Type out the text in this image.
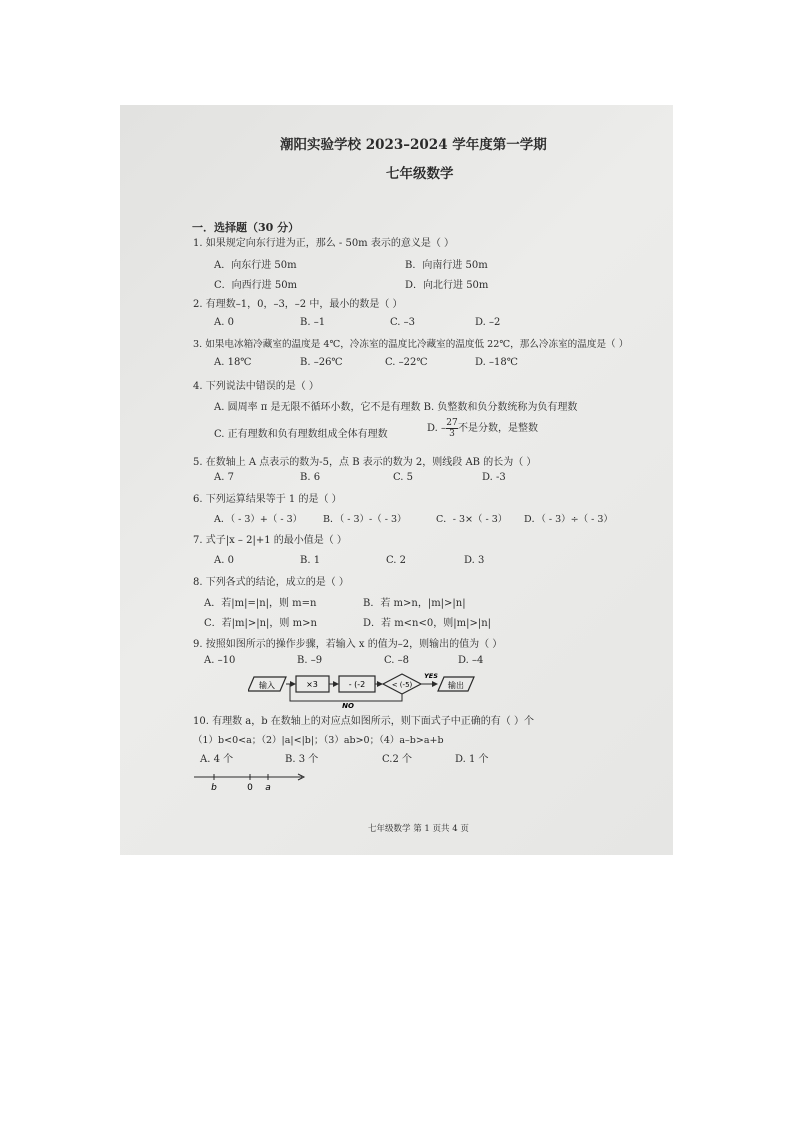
潮阳实验学校 2023–2024 学年度第一学期
七年级数学
一．选择题（30 分）
1. 如果规定向东行进为正，那么 - 50m 表示的意义是（ ）
A．向东行进 50m	B．向南行进 50m
C．向西行进 50m	D．向北行进 50m
2. 有理数–1，0，–3，–2 中，最小的数是（ ）
A. 0	B. –1	C. –3	D. –2
3. 如果电冰箱冷藏室的温度是 4℃，冷冻室的温度比冷藏室的温度低 22℃，那么冷冻室的温度是（ ）
A. 18℃	B. –26℃	C. –22℃	D. –18℃
4. 下列说法中错误的是（ ）
A. 圆周率 π 是无限不循环小数，它不是有理数 B. 负整数和负分数统称为负有理数
C. 正有理数和负有理数组成全体有理数
D. – $\frac{27}{3}$ 不是分数，是整数
5. 在数轴上 A 点表示的数为-5，点 B 表示的数为 2，则线段 AB 的长为（ ）
A. 7	B. 6	C. 5	D. -3
6. 下列运算结果等于 1 的是（ ）
A．（ - 3）+（ - 3） B．（ - 3）-（ - 3）	C．- 3×（ - 3） D．（ - 3）÷（ - 3）
7. 式子|x – 2|+1 的最小值是（ ）
A. 0	B. 1	C. 2	D. 3
8. 下列各式的结论，成立的是（ ）
A．若|m|=|n|，则 m=n	B．若 m>n，|m|>|n|
C．若|m|>|n|，则 m>n	D．若 m<n<0，则|m|>|n|
9. 按照如图所示的操作步骤，若输入 x 的值为–2，则输出的值为（ ）
A. –10	B. –9	C. –8	D. –4
输入	×3	- (-2	< (-5)
YES
输出
NO
10. 有理数 a，b 在数轴上的对应点如图所示，则下面式子中正确的有（ ）个
（1）b<0<a；（2）|a|<|b|；（3）ab>0；（4）a–b>a+b
A. 4 个	B. 3 个	C.2 个	D. 1 个
b	0 a
七年级数学 第 1 页共 4 页
